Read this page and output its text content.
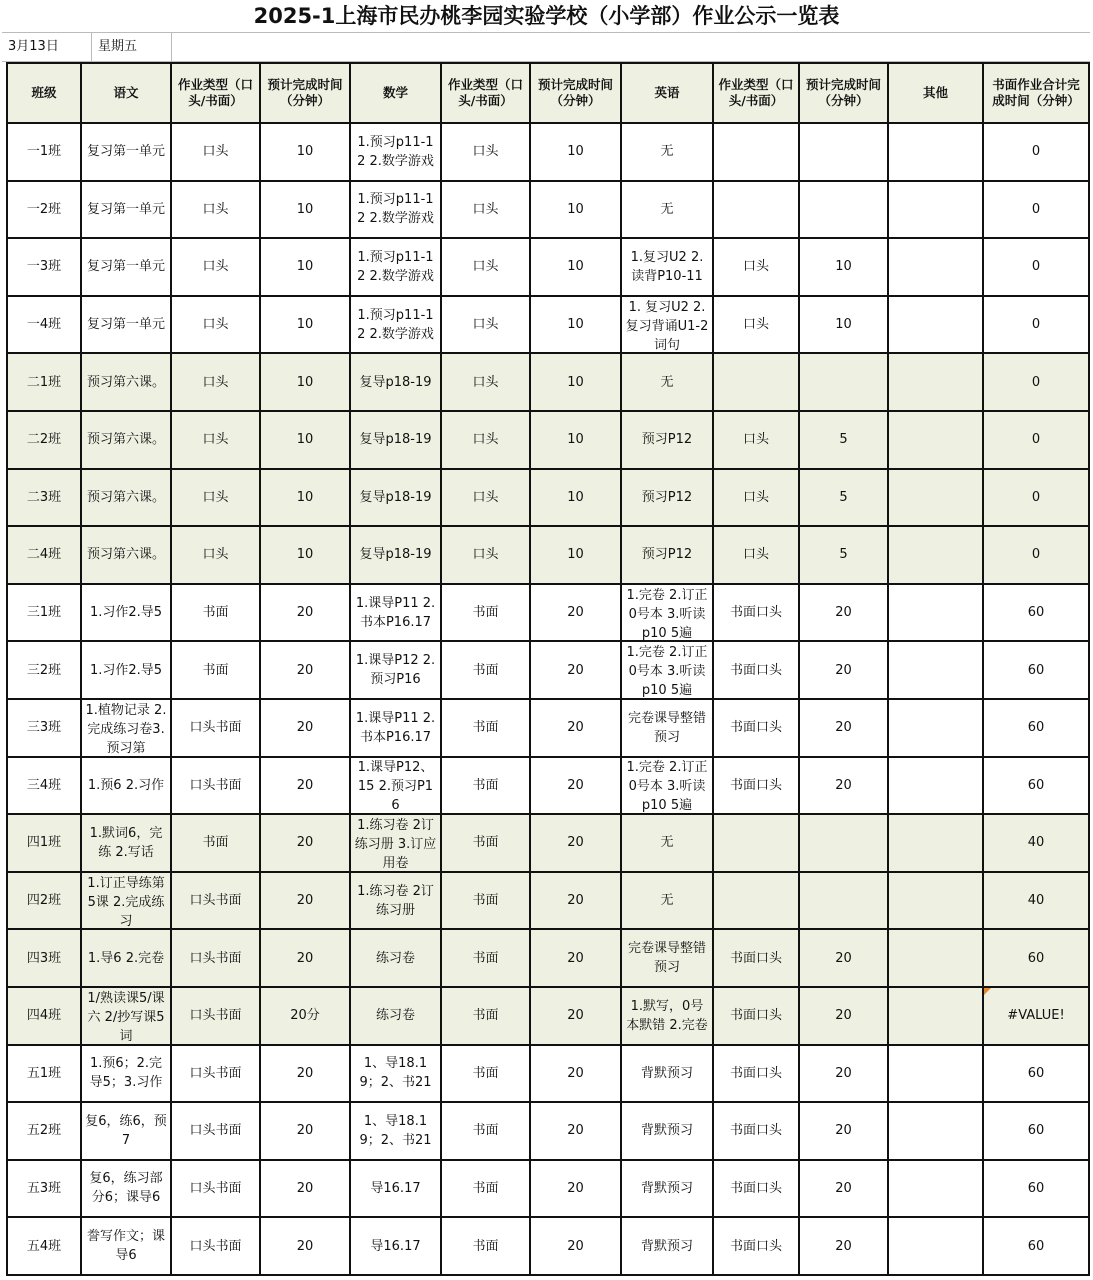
2025-1上海市民办桃李园实验学校（小学部）作业公示一览表
3月13日	星期五
班级	语文	作业类型（口头/书面）	预计完成时间（分钟）	数学	作业类型（口头/书面）	预计完成时间（分钟）	英语	作业类型（口头/书面）	预计完成时间（分钟）	其他	书面作业合计完成时间（分钟）

一1班	复习第一单元	口头	10	1.预习p11-12 2.数学游戏	口头	10	无				0

一2班	复习第一单元	口头	10	1.预习p11-12 2.数学游戏	口头	10	无				0

一3班	复习第一单元	口头	10	1.预习p11-12 2.数学游戏	口头	10	1.复习U2 2.读背P10-11	口头	10		0

一4班	复习第一单元	口头	10	1.预习p11-12 2.数学游戏	口头	10	1. 复习U2 2. 复习背诵U1-2词句	口头	10		0

二1班	预习第六课。	口头	10	复导p18-19	口头	10	无				0

二2班	预习第六课。	口头	10	复导p18-19	口头	10	预习P12	口头	5		0

二3班	预习第六课。	口头	10	复导p18-19	口头	10	预习P12	口头	5		0

二4班	预习第六课。	口头	10	复导p18-19	口头	10	预习P12	口头	5		0

三1班	1.习作2.导5	书面	20	1.课导P11 2.书本P16.17	书面	20	1.完卷 2.订正0号本 3.听读p10 5遍	书面口头	20		60

三2班	1.习作2.导5	书面	20	1.课导P12 2.预习P16	书面	20	1.完卷 2.订正0号本 3.听读p10 5遍	书面口头	20		60

三3班	1.植物记录 2.完成练习卷3.预习第	口头书面	20	1.课导P11 2.书本P16.17	书面	20	完卷课导整错预习	书面口头	20		60

三4班	1.预6 2.习作	口头书面	20	1.课导P12、15 2.预习P16	书面	20	1.完卷 2.订正0号本 3.听读p10 5遍	书面口头	20		60

四1班	1.默词6，完练 2.写话	书面	20	1.练习卷 2订练习册 3.订应用卷	书面	20	无				40

四2班	1.订正导练第5课 2.完成练习	口头书面	20	1.练习卷 2订练习册	书面	20	无				40

四3班	1.导6 2.完卷	口头书面	20	练习卷	书面	20	完卷课导整错预习	书面口头	20		60

四4班	1/熟读课5/课六 2/抄写课5词	口头书面	20分	练习卷	书面	20	1.默写，0号本默错 2.完卷	书面口头	20		#VALUE!

五1班	1.预6；2.完导5；3.习作	口头书面	20	1、导18.19；2、书21	书面	20	背默预习	书面口头	20		60

五2班	复6，练6，预7	口头书面	20	1、导18.19；2、书21	书面	20	背默预习	书面口头	20		60

五3班	复6，练习部分6；课导6	口头书面	20	导16.17	书面	20	背默预习	书面口头	20		60

五4班	誊写作文；课导6	口头书面	20	导16.17	书面	20	背默预习	书面口头	20		60
